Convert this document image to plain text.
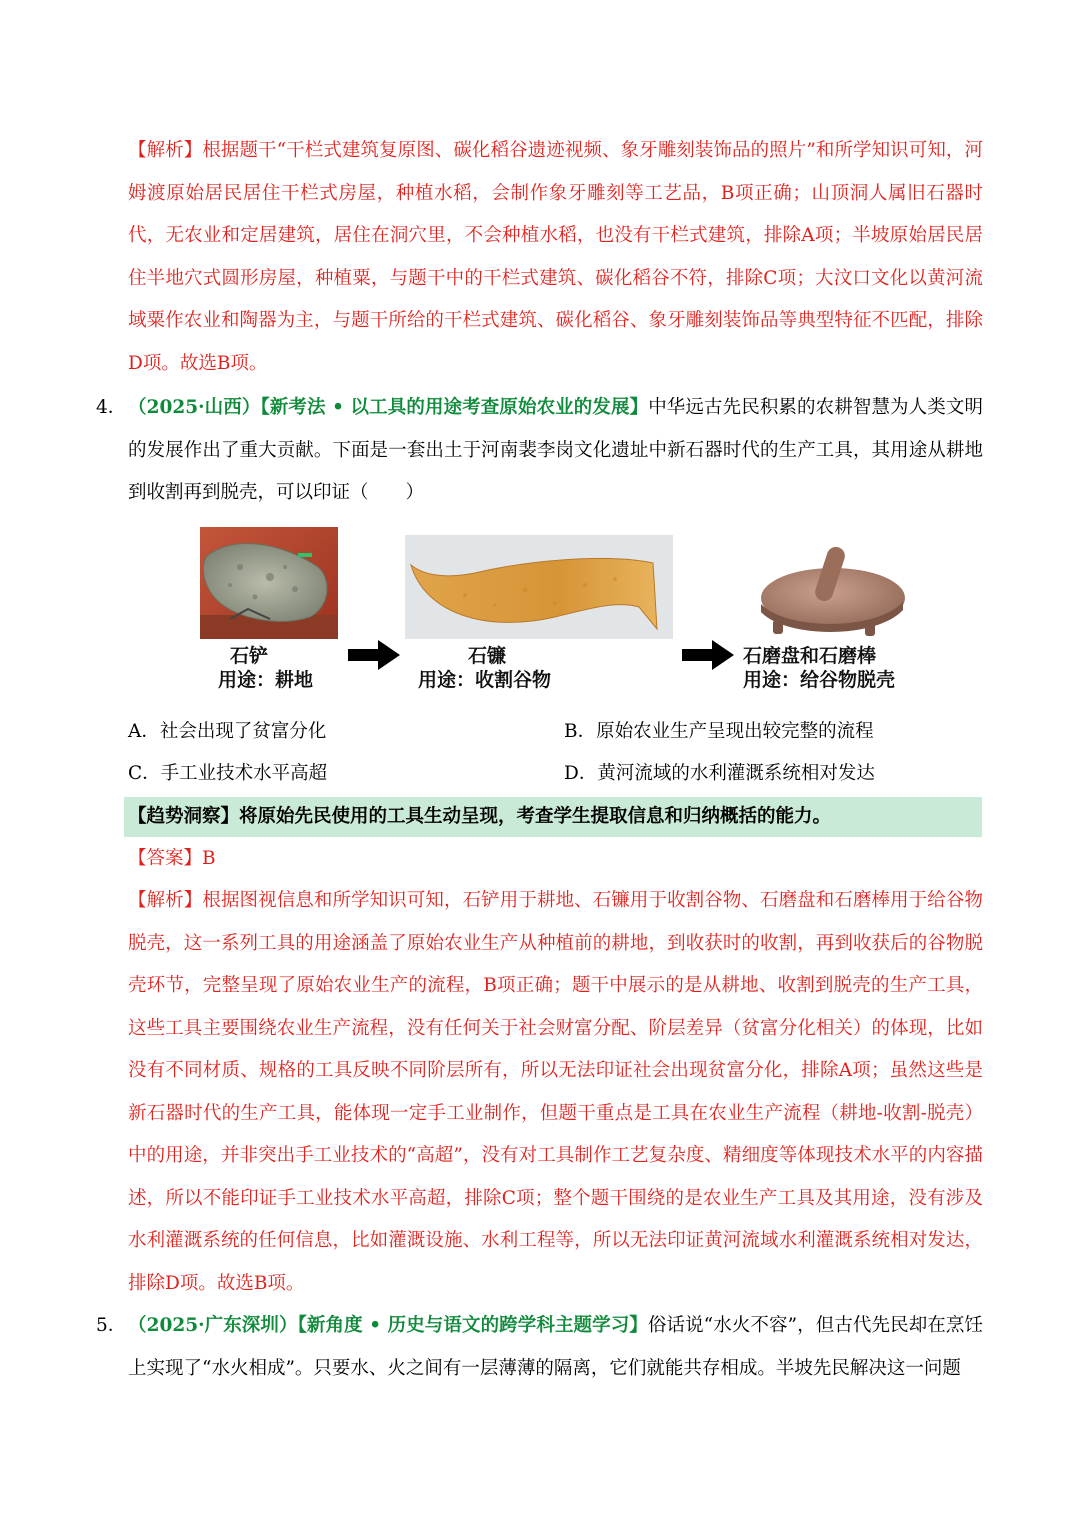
【解析】根据题干“干栏式建筑复原图、碳化稻谷遗迹视频、象牙雕刻装饰品的照片”和所学知识可知，河姆渡原始居民居住干栏式房屋，种植水稻，会制作象牙雕刻等工艺品，B项正确；山顶洞人属旧石器时代，无农业和定居建筑，居住在洞穴里，不会种植水稻，也没有干栏式建筑，排除A项；半坡原始居民居住半地穴式圆形房屋，种植粟，与题干中的干栏式建筑、碳化稻谷不符，排除C项；大汶口文化以黄河流域粟作农业和陶器为主，与题干所给的干栏式建筑、碳化稻谷、象牙雕刻装饰品等典型特征不匹配，排除D项。故选B项。
4． （2025·山西）【新考法 • 以工具的用途考查原始农业的发展】中华远古先民积累的农耕智慧为人类文明的发展作出了重大贡献。下面是一套出土于河南裴李岗文化遗址中新石器时代的生产工具，其用途从耕地到收割再到脱壳，可以印证（　　）
石铲
用途：耕地
石镰
用途：收割谷物
石磨盘和石磨棒
用途：给谷物脱壳
A．社会出现了贫富分化	B．原始农业生产呈现出较完整的流程
C．手工业技术水平高超	D．黄河流域的水利灌溉系统相对发达
【趋势洞察】将原始先民使用的工具生动呈现，考查学生提取信息和归纳概括的能力。
【答案】B
【解析】根据图视信息和所学知识可知，石铲用于耕地、石镰用于收割谷物、石磨盘和石磨棒用于给谷物脱壳，这一系列工具的用途涵盖了原始农业生产从种植前的耕地，到收获时的收割，再到收获后的谷物脱壳环节，完整呈现了原始农业生产的流程，B项正确；题干中展示的是从耕地、收割到脱壳的生产工具，这些工具主要围绕农业生产流程，没有任何关于社会财富分配、阶层差异（贫富分化相关）的体现，比如没有不同材质、规格的工具反映不同阶层所有，所以无法印证社会出现贫富分化，排除A项；虽然这些是新石器时代的生产工具，能体现一定手工业制作，但题干重点是工具在农业生产流程（耕地-收割-脱壳）中的用途，并非突出手工业技术的“高超”，没有对工具制作工艺复杂度、精细度等体现技术水平的内容描述，所以不能印证手工业技术水平高超，排除C项；整个题干围绕的是农业生产工具及其用途，没有涉及水利灌溉系统的任何信息，比如灌溉设施、水利工程等，所以无法印证黄河流域水利灌溉系统相对发达，排除D项。故选B项。
5． （2025·广东深圳）【新角度 • 历史与语文的跨学科主题学习】俗话说“水火不容”，但古代先民却在烹饪上实现了“水火相成”。只要水、火之间有一层薄薄的隔离，它们就能共存相成。半坡先民解决这一问题
